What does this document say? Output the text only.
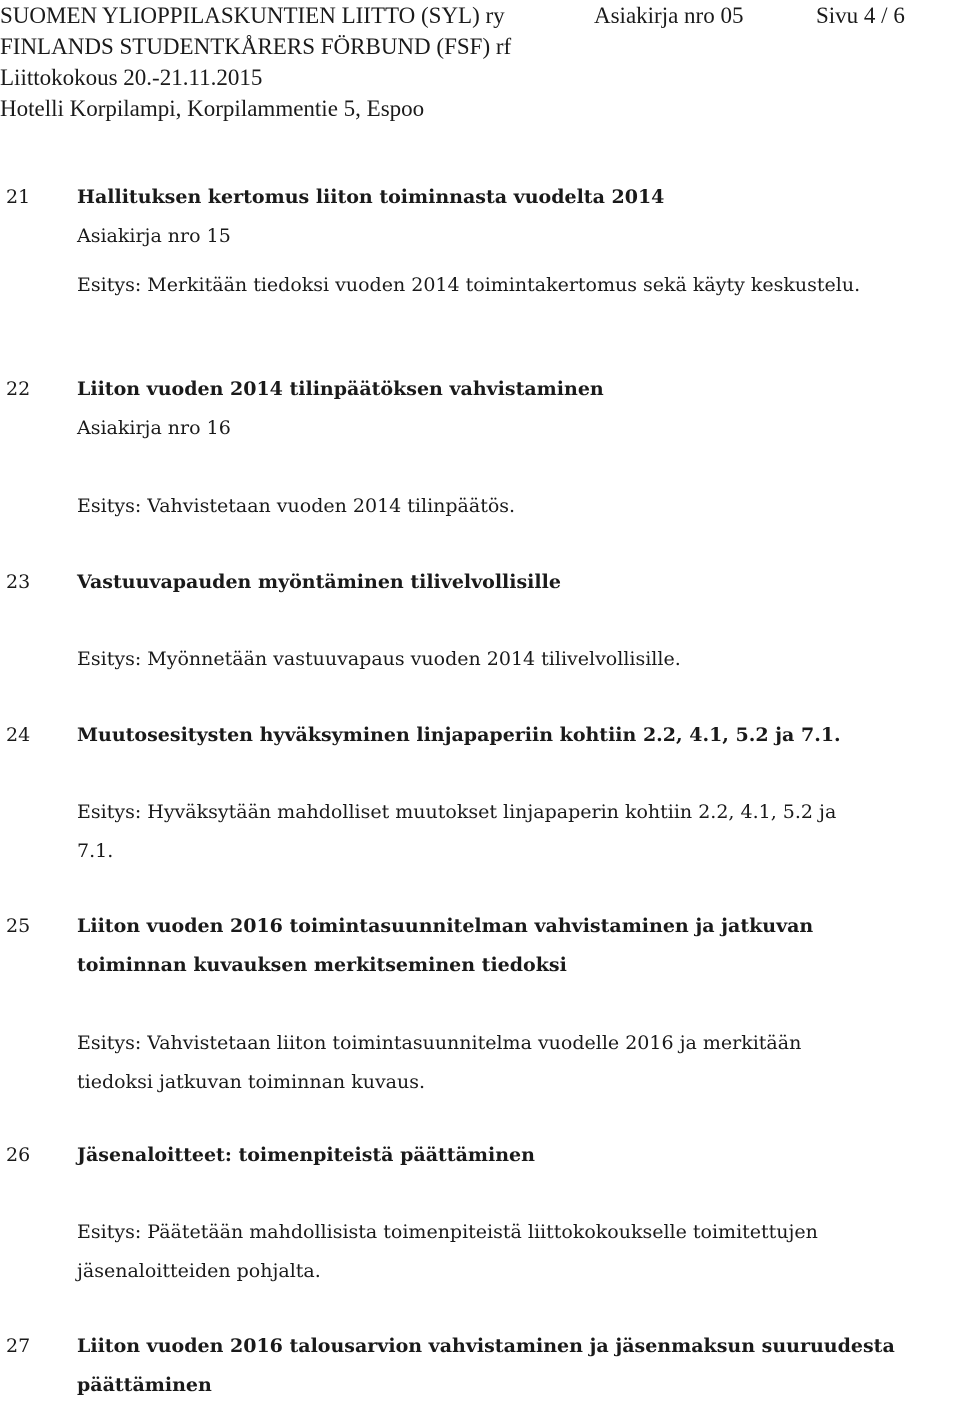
SUOMEN YLIOPPILASKUNTIEN LIITTO (SYL) ry
FINLANDS STUDENTKÅRERS FÖRBUND (FSF) rf
Liittokokous 20.-21.11.2015
Hotelli Korpilampi, Korpilammentie 5, Espoo
Asiakirja nro 05	Sivu 4 / 6
21 Hallituksen kertomus liiton toiminnasta vuodelta 2014
Asiakirja nro 15
Esitys: Merkitään tiedoksi vuoden 2014 toimintakertomus sekä käyty keskustelu.
22 Liiton vuoden 2014 tilinpäätöksen vahvistaminen
Asiakirja nro 16
Esitys: Vahvistetaan vuoden 2014 tilinpäätös.
23 Vastuuvapauden myöntäminen tilivelvollisille
Esitys: Myönnetään vastuuvapaus vuoden 2014 tilivelvollisille.
24 Muutosesitysten hyväksyminen linjapaperiin kohtiin 2.2, 4.1, 5.2 ja 7.1.
Esitys: Hyväksytään mahdolliset muutokset linjapaperin kohtiin 2.2, 4.1, 5.2 ja
7.1.
25 Liiton vuoden 2016 toimintasuunnitelman vahvistaminen ja jatkuvan
toiminnan kuvauksen merkitseminen tiedoksi
Esitys: Vahvistetaan liiton toimintasuunnitelma vuodelle 2016 ja merkitään
tiedoksi jatkuvan toiminnan kuvaus.
26 Jäsenaloitteet: toimenpiteistä päättäminen
Esitys: Päätetään mahdollisista toimenpiteistä liittokokoukselle toimitettujen
jäsenaloitteiden pohjalta.
27 Liiton vuoden 2016 talousarvion vahvistaminen ja jäsenmaksun suuruudesta
päättäminen
